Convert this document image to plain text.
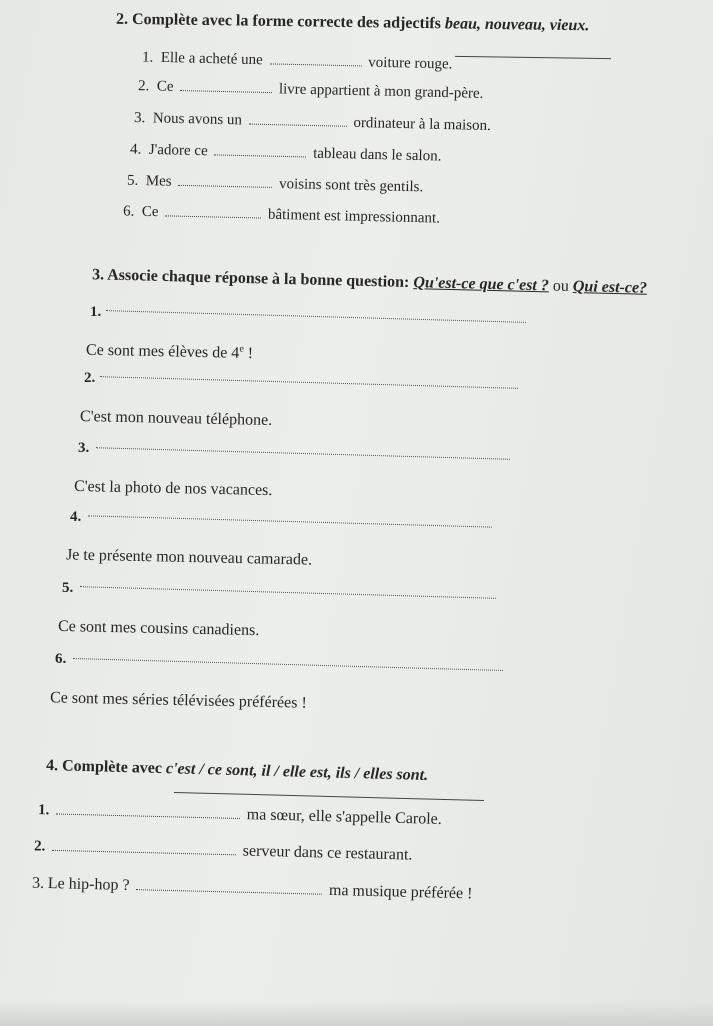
2. Complète avec la forme correcte des adjectifs beau, nouveau, vieux.
1. Elle a acheté une	voiture rouge.
2. Ce	livre appartient à mon grand-père.
3. Nous avons un	ordinateur à la maison.
4. J'adore ce	tableau dans le salon.
5. Mes	voisins sont très gentils.
6. Ce	bâtiment est impressionnant.
3. Associe chaque réponse à la bonne question: Qu'est-ce que c'est ? ou Qui est-ce?
1.
Ce sont mes élèves de 4e !
2.
C'est mon nouveau téléphone.
3.
C'est la photo de nos vacances.
4.
Je te présente mon nouveau camarade.
5.
Ce sont mes cousins canadiens.
6.
Ce sont mes séries télévisées préférées !
4. Complète avec c'est / ce sont, il / elle est, ils / elles sont.
1.	ma sœur, elle s'appelle Carole.
2.	serveur dans ce restaurant.
3. Le hip-hop ?	ma musique préférée !
